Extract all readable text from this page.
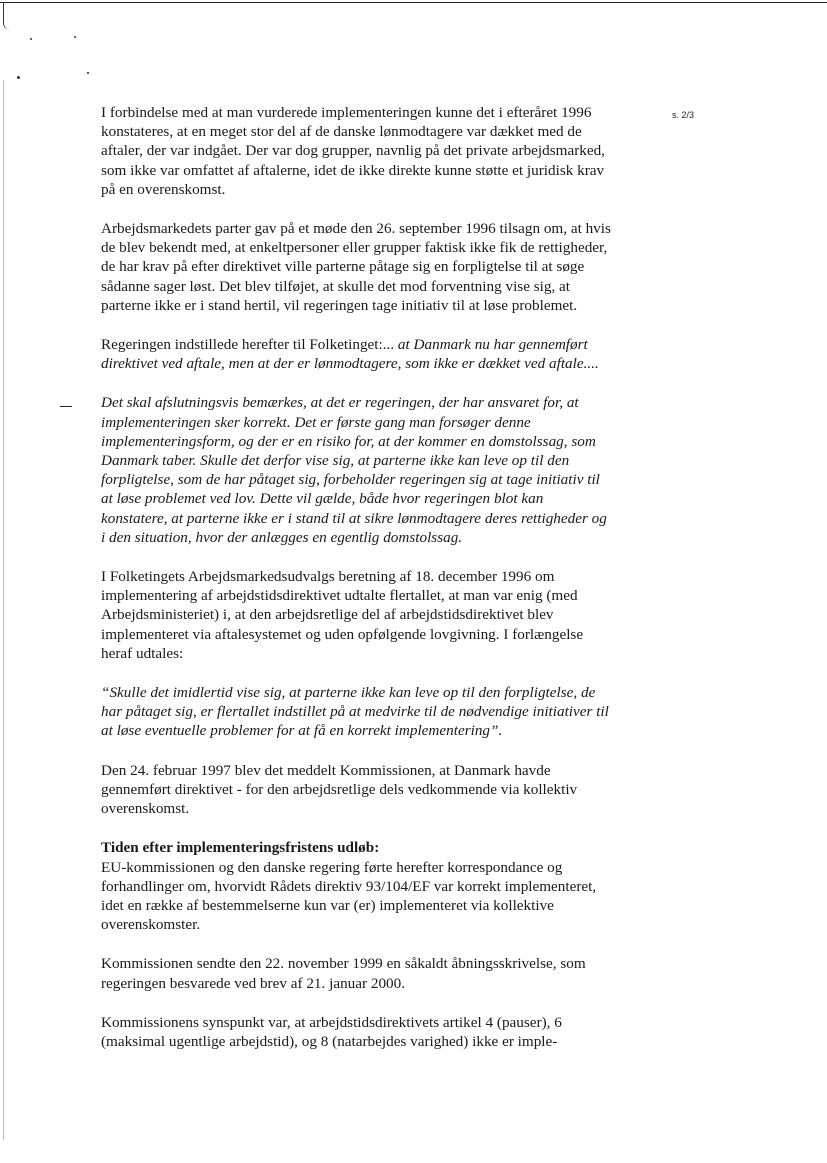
s. 2/3

I forbindelse med at man vurderede implementeringen kunne det i efteråret 1996 konstateres, at en meget stor del af de danske lønmodtagere var dækket med de aftaler, der var indgået. Der var dog grupper, navnlig på det private arbejdsmarked, som ikke var omfattet af aftalerne, idet de ikke direkte kunne støtte et juridisk krav på en overenskomst.

Arbejdsmarkedets parter gav på et møde den 26. september 1996 tilsagn om, at hvis de blev bekendt med, at enkeltpersoner eller grupper faktisk ikke fik de rettigheder, de har krav på efter direktivet ville parterne påtage sig en forpligtelse til at søge sådanne sager løst. Det blev tilføjet, at skulle det mod forventning vise sig, at parterne ikke er i stand hertil, vil regeringen tage initiativ til at løse problemet.

Regeringen indstillede herefter til Folketinget:... at Danmark nu har gennemført direktivet ved aftale, men at der er lønmodtagere, som ikke er dækket ved aftale....

Det skal afslutningsvis bemærkes, at det er regeringen, der har ansvaret for, at implementeringen sker korrekt. Det er første gang man forsøger denne implementeringsform, og der er en risiko for, at der kommer en domstolssag, som Danmark taber. Skulle det derfor vise sig, at parterne ikke kan leve op til den forpligtelse, som de har påtaget sig, forbeholder regeringen sig at tage initiativ til at løse problemet ved lov. Dette vil gælde, både hvor regeringen blot kan konstatere, at parterne ikke er i stand til at sikre lønmodtagere deres rettigheder og i den situation, hvor der anlægges en egentlig domstolssag.

I Folketingets Arbejdsmarkedsudvalgs beretning af 18. december 1996 om implementering af arbejdstidsdirektivet udtalte flertallet, at man var enig (med Arbejdsministeriet) i, at den arbejdsretlige del af arbejdstidsdirektivet blev implementeret via aftalesystemet og uden opfølgende lovgivning. I forlængelse heraf udtales:

“Skulle det imidlertid vise sig, at parterne ikke kan leve op til den forpligtelse, de har påtaget sig, er flertallet indstillet på at medvirke til de nødvendige initiativer til at løse eventuelle problemer for at få en korrekt implementering”.

Den 24. februar 1997 blev det meddelt Kommissionen, at Danmark havde gennemført direktivet - for den arbejdsretlige dels vedkommende via kollektiv overenskomst.

Tiden efter implementeringsfristens udløb:
EU-kommissionen og den danske regering førte herefter korrespondance og forhandlinger om, hvorvidt Rådets direktiv 93/104/EF var korrekt implementeret, idet en række af bestemmelserne kun var (er) implementeret via kollektive overenskomster.

Kommissionen sendte den 22. november 1999 en såkaldt åbningsskrivelse, som regeringen besvarede ved brev af 21. januar 2000.

Kommissionens synspunkt var, at arbejdstidsdirektivets artikel 4 (pauser), 6 (maksimal ugentlige arbejdstid), og 8 (natarbejdes varighed) ikke er imple-
